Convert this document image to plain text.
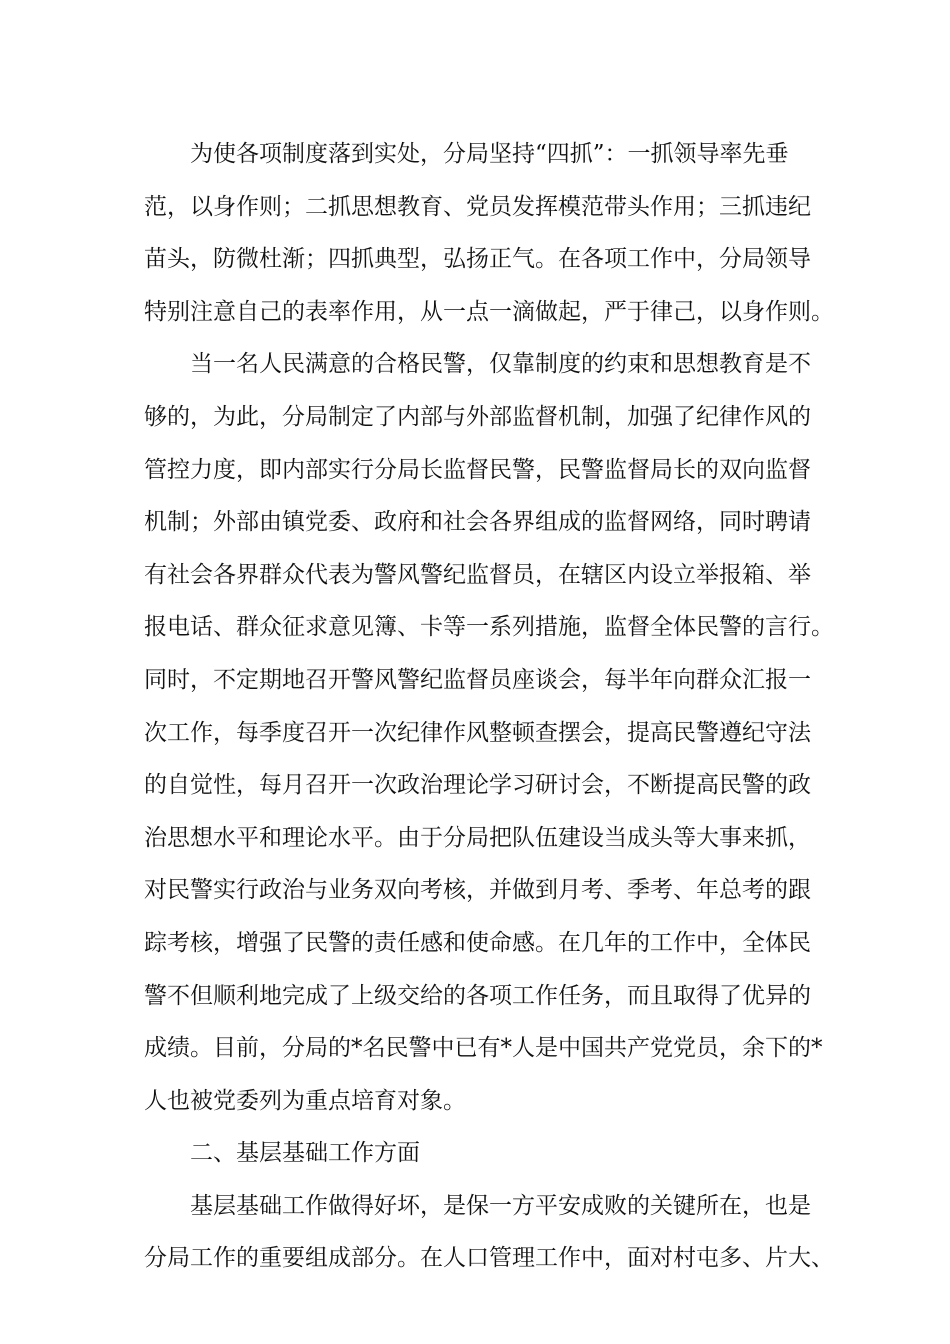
为使各项制度落到实处，分局坚持“四抓”：一抓领导率先垂
范，以身作则；二抓思想教育、党员发挥模范带头作用；三抓违纪
苗头，防微杜渐；四抓典型，弘扬正气。在各项工作中，分局领导
特别注意自己的表率作用，从一点一滴做起，严于律己，以身作则。
当一名人民满意的合格民警，仅靠制度的约束和思想教育是不
够的，为此，分局制定了内部与外部监督机制，加强了纪律作风的
管控力度，即内部实行分局长监督民警，民警监督局长的双向监督
机制；外部由镇党委、政府和社会各界组成的监督网络，同时聘请
有社会各界群众代表为警风警纪监督员，在辖区内设立举报箱、举
报电话、群众征求意见簿、卡等一系列措施，监督全体民警的言行。
同时，不定期地召开警风警纪监督员座谈会，每半年向群众汇报一
次工作，每季度召开一次纪律作风整顿查摆会，提高民警遵纪守法
的自觉性，每月召开一次政治理论学习研讨会，不断提高民警的政
治思想水平和理论水平。由于分局把队伍建设当成头等大事来抓，
对民警实行政治与业务双向考核，并做到月考、季考、年总考的跟
踪考核，增强了民警的责任感和使命感。在几年的工作中，全体民
警不但顺利地完成了上级交给的各项工作任务，而且取得了优异的
成绩。目前，分局的*名民警中已有*人是中国共产党党员，余下的*
人也被党委列为重点培育对象。
二、基层基础工作方面
基层基础工作做得好坏，是保一方平安成败的关键所在，也是
分局工作的重要组成部分。在人口管理工作中，面对村屯多、片大、
